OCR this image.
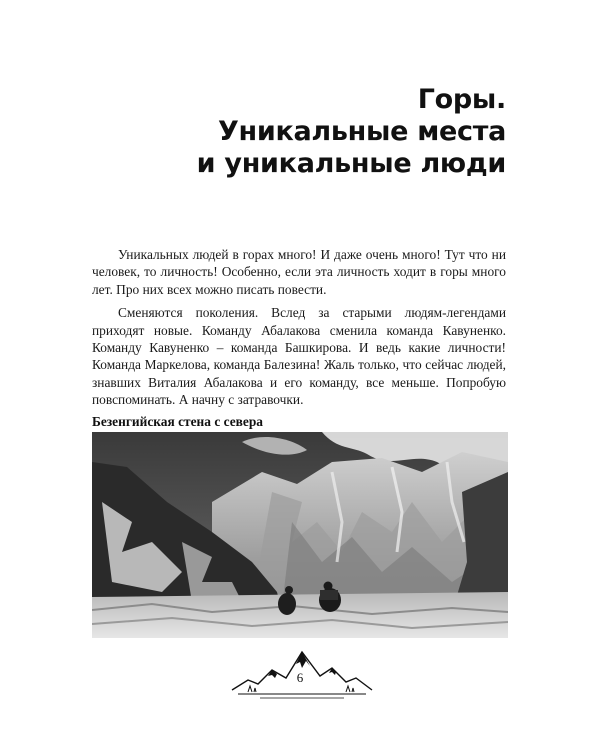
Горы.
Уникальные места
и уникальные люди

Уникальных людей в горах много! И даже очень много! Тут что ни человек, то личность! Особенно, если эта личность ходит в горы много лет. Про них всех можно писать повести.

Сменяются поколения. Вслед за старыми людям-легендами приходят новые. Команду Абалакова сменила команда Кавуненко. Команду Кавуненко – команда Башкирова. И ведь какие личности! Команда Маркелова, команда Балезина! Жаль только, что сейчас людей, знавших Виталия Абалакова и его команду, все меньше. Попробую повспоминать. А начну с затравочки.

Безенгийская стена с севера
6
